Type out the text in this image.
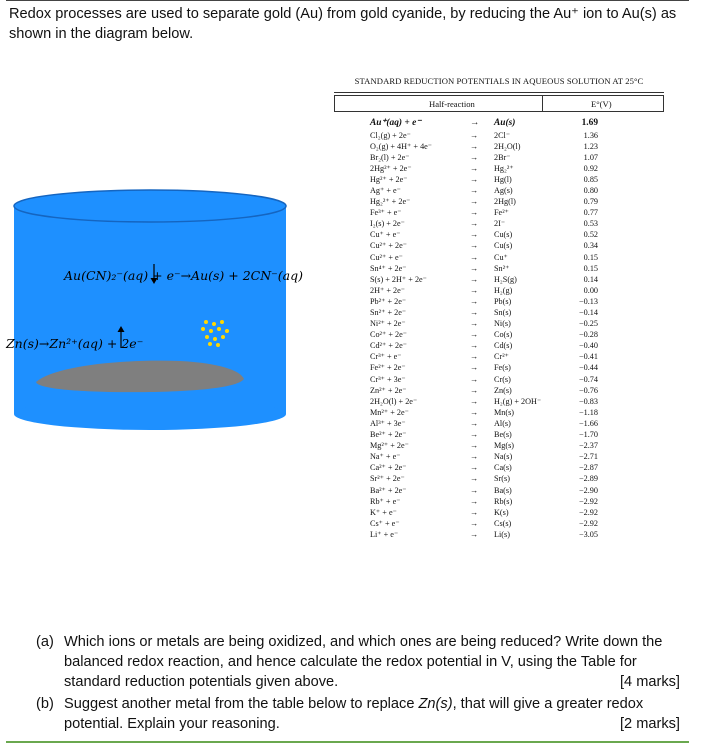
Redox processes are used to separate gold (Au) from gold cyanide, by reducing the Au⁺ ion to Au(s) as shown in the diagram below.
Au(CN)₂⁻(aq) + e⁻→Au(s) + 2CN⁻(aq)
Zn(s)→Zn²⁺(aq) + 2e⁻
STANDARD REDUCTION POTENTIALS IN AQUEOUS SOLUTION AT 25°C
Half-reaction	E°(V)
Au⁺(aq) + e⁻	→ Au(s)	1.69
Cl₂(g) + 2e⁻	→ 2Cl⁻	1.36
O₂(g) + 4H⁺ + 4e⁻	→ 2H₂O(l)	1.23
Br₂(l) + 2e⁻	→ 2Br⁻	1.07
2Hg²⁺ + 2e⁻	→ Hg₂²⁺	0.92
Hg²⁺ + 2e⁻	→ Hg(l)	0.85
Ag⁺ + e⁻	→ Ag(s)	0.80
Hg₂²⁺ + 2e⁻	→ 2Hg(l)	0.79
Fe³⁺ + e⁻	→ Fe²⁺	0.77
I₂(s) + 2e⁻	→ 2I⁻	0.53
Cu⁺ + e⁻	→ Cu(s)	0.52
Cu²⁺ + 2e⁻	→ Cu(s)	0.34
Cu²⁺ + e⁻	→ Cu⁺	0.15
Sn⁴⁺ + 2e⁻	→ Sn²⁺	0.15
S(s) + 2H⁺ + 2e⁻	→ H₂S(g)	0.14
2H⁺ + 2e⁻	→ H₂(g)	0.00
Pb²⁺ + 2e⁻	→ Pb(s)	−0.13
Sn²⁺ + 2e⁻	→ Sn(s)	−0.14
Ni²⁺ + 2e⁻	→ Ni(s)	−0.25
Co²⁺ + 2e⁻	→ Co(s)	−0.28
Cd²⁺ + 2e⁻	→ Cd(s)	−0.40
Cr³⁺ + e⁻	→ Cr²⁺	−0.41
Fe²⁺ + 2e⁻	→ Fe(s)	−0.44
Cr³⁺ + 3e⁻	→ Cr(s)	−0.74
Zn²⁺ + 2e⁻	→ Zn(s)	−0.76
2H₂O(l) + 2e⁻	→ H₂(g) + 2OH⁻	−0.83
Mn²⁺ + 2e⁻	→ Mn(s)	−1.18
Al³⁺ + 3e⁻	→ Al(s)	−1.66
Be²⁺ + 2e⁻	→ Be(s)	−1.70
Mg²⁺ + 2e⁻	→ Mg(s)	−2.37
Na⁺ + e⁻	→ Na(s)	−2.71
Ca²⁺ + 2e⁻	→ Ca(s)	−2.87
Sr²⁺ + 2e⁻	→ Sr(s)	−2.89
Ba²⁺ + 2e⁻	→ Ba(s)	−2.90
Rb⁺ + e⁻	→ Rb(s)	−2.92
K⁺ + e⁻	→ K(s)	−2.92
Cs⁺ + e⁻	→ Cs(s)	−2.92
Li⁺ + e⁻	→ Li(s)	−3.05
(a) Which ions or metals are being oxidized, and which ones are being reduced? Write down the balanced redox reaction, and hence calculate the redox potential in V, using the Table for standard reduction potentials given above.	[4 marks]
(b) Suggest another metal from the table below to replace Zn(s), that will give a greater redox potential. Explain your reasoning.	[2 marks]
